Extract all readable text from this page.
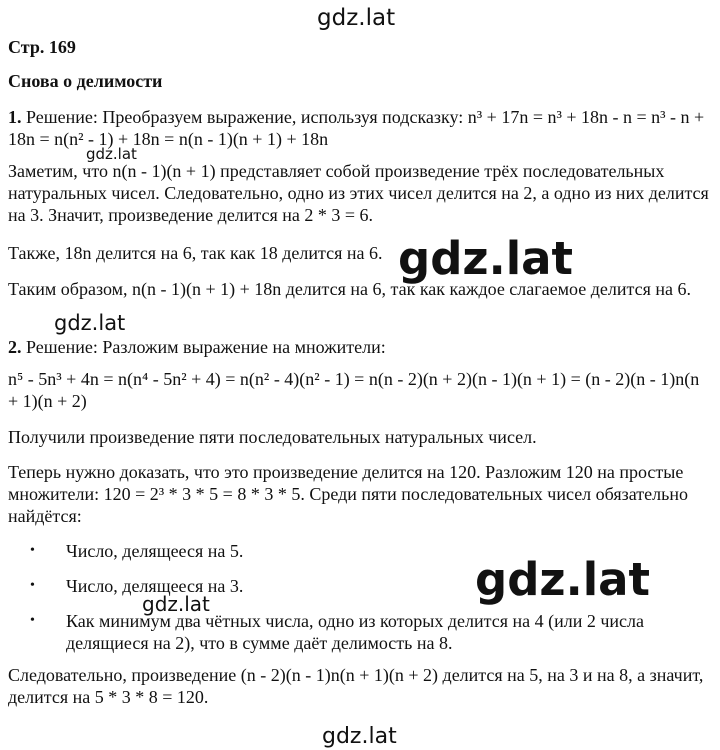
Стр. 169

Снова о делимости

1. Решение: Преобразуем выражение, используя подсказку: n³ + 17n = n³ + 18n - n = n³ - n + 18n = n(n² - 1) + 18n = n(n - 1)(n + 1) + 18n

Заметим, что n(n - 1)(n + 1) представляет собой произведение трёх последовательных натуральных чисел. Следовательно, одно из этих чисел делится на 2, а одно из них делится на 3. Значит, произведение делится на 2 * 3 = 6.

Также, 18n делится на 6, так как 18 делится на 6.

Таким образом, n(n - 1)(n + 1) + 18n делится на 6, так как каждое слагаемое делится на 6.

2. Решение: Разложим выражение на множители:

n⁵ - 5n³ + 4n = n(n⁴ - 5n² + 4) = n(n² - 4)(n² - 1) = n(n - 2)(n + 2)(n - 1)(n + 1) = (n - 2)(n - 1)n(n + 1)(n + 2)

Получили произведение пяти последовательных натуральных чисел.

Теперь нужно доказать, что это произведение делится на 120. Разложим 120 на простые множители: 120 = 2³ * 3 * 5 = 8 * 3 * 5. Среди пяти последовательных чисел обязательно найдётся:

• Число, делящееся на 5.
• Число, делящееся на 3.
• Как минимум два чётных числа, одно из которых делится на 4 (или 2 числа делящиеся на 2), что в сумме даёт делимость на 8.

Следовательно, произведение (n - 2)(n - 1)n(n + 1)(n + 2) делится на 5, на 3 и на 8, а значит, делится на 5 * 3 * 8 = 120.

gdz.lat
gdz.lat
gdz.lat
gdz.lat
gdz.lat
gdz.lat
gdz.lat
